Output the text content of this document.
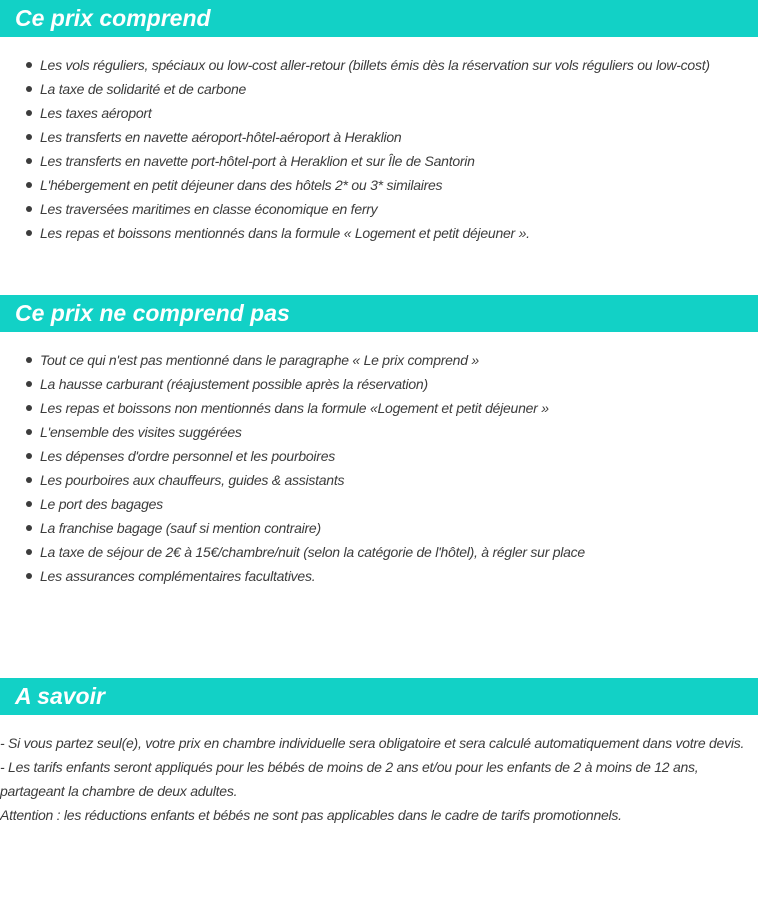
Ce prix comprend
Les vols réguliers, spéciaux ou low-cost aller-retour (billets émis dès la réservation sur vols réguliers ou low-cost)
La taxe de solidarité et de carbone
Les taxes aéroport
Les transferts en navette aéroport-hôtel-aéroport à Heraklion
Les transferts en navette port-hôtel-port à Heraklion et sur Île de Santorin
L'hébergement en petit déjeuner dans des hôtels 2* ou 3* similaires
Les traversées maritimes en classe économique en ferry
Les repas et boissons mentionnés dans la formule « Logement et petit déjeuner ».
Ce prix ne comprend pas
Tout ce qui n'est pas mentionné dans le paragraphe « Le prix comprend »
La hausse carburant (réajustement possible après la réservation)
Les repas et boissons non mentionnés dans la formule «Logement et petit déjeuner »
L'ensemble des visites suggérées
Les dépenses d'ordre personnel et les pourboires
Les pourboires aux chauffeurs, guides & assistants
Le port des bagages
La franchise bagage (sauf si mention contraire)
La taxe de séjour de 2€ à 15€/chambre/nuit (selon la catégorie de l'hôtel), à régler sur place
Les assurances complémentaires facultatives.
A savoir

- Si vous partez seul(e), votre prix en chambre individuelle sera obligatoire et sera calculé automatiquement dans votre devis.

- Les tarifs enfants seront appliqués pour les bébés de moins de 2 ans et/ou pour les enfants de 2 à moins de 12 ans, partageant la chambre de deux adultes.

Attention : les réductions enfants et bébés ne sont pas applicables dans le cadre de tarifs promotionnels.
